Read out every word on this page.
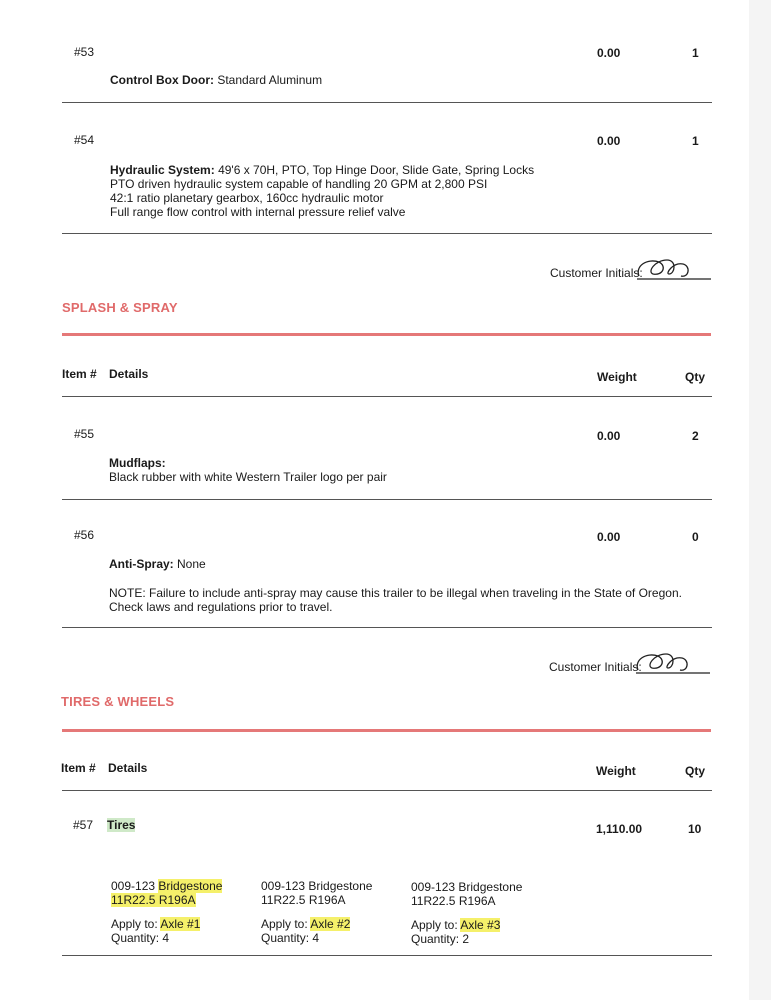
#53	0.00	1
Control Box Door: Standard Aluminum
#54	0.00	1
Hydraulic System: 49'6 x 70H, PTO, Top Hinge Door, Slide Gate, Spring Locks
PTO driven hydraulic system capable of handling 20 GPM at 2,800 PSI
42:1 ratio planetary gearbox, 160cc hydraulic motor
Full range flow control with internal pressure relief valve
Customer Initials:
SPLASH & SPRAY
Item # Details	Weight	Qty
#55	0.00	2
Mudflaps:
Black rubber with white Western Trailer logo per pair
#56	0.00	0
Anti-Spray: None
NOTE: Failure to include anti-spray may cause this trailer to be illegal when traveling in the State of Oregon.
Check laws and regulations prior to travel.
Customer Initials:
TIRES & WHEELS
Item # Details	Weight	Qty
#57 Tires	1,110.00	10
009-123 Bridgestone
11R22.5 R196A
Apply to: Axle #1
Quantity: 4
009-123 Bridgestone
11R22.5 R196A
Apply to: Axle #2
Quantity: 4
009-123 Bridgestone
11R22.5 R196A
Apply to: Axle #3
Quantity: 2
